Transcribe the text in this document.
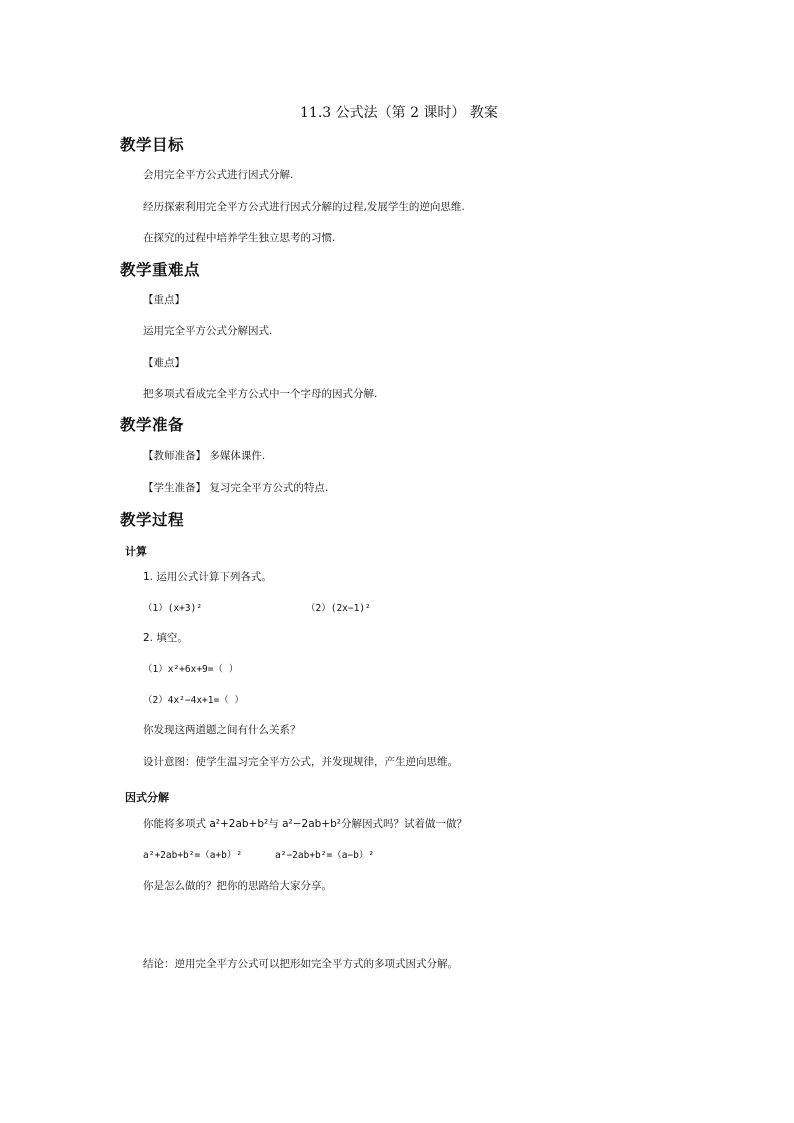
11.3 公式法（第 2 课时） 教案
教学目标
会用完全平方公式进行因式分解.
经历探索利用完全平方公式进行因式分解的过程,发展学生的逆向思维.
在探究的过程中培养学生独立思考的习惯.
教学重难点
【重点】
运用完全平方公式分解因式.
【难点】
把多项式看成完全平方公式中一个字母的因式分解.
教学准备
【教师准备】 多媒体课件.
【学生准备】 复习完全平方公式的特点.
教学过程
计算
1. 运用公式计算下列各式。
（1）(x+3)²	（2）(2x−1)²
2. 填空。
（1）x²+6x+9=（ ）
（2）4x²−4x+1=（ ）
你发现这两道题之间有什么关系？
设计意图：使学生温习完全平方公式，并发现规律，产生逆向思维。
因式分解
你能将多项式 a²+2ab+b²与 a²−2ab+b²分解因式吗？试着做一做？
a²+2ab+b²=（a+b）²	a²−2ab+b²=（a−b）²
你是怎么做的？把你的思路给大家分享。
结论：逆用完全平方公式可以把形如完全平方式的多项式因式分解。
